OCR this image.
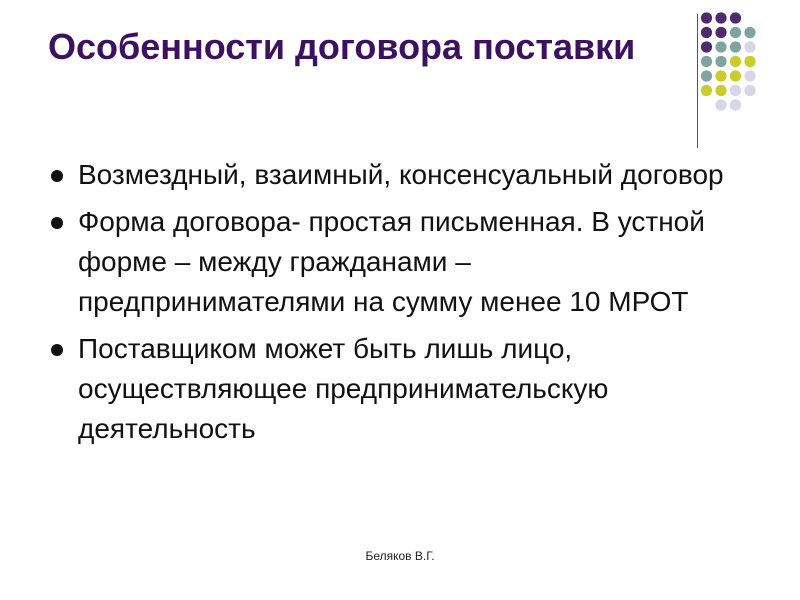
Особенности договора поставки
Возмездный, взаимный, консенсуальный договор
Форма договора- простая письменная. В устной форме – между гражданами – предпринимателями на сумму менее 10 МРОТ
Поставщиком может быть лишь лицо, осуществляющее предпринимательскую деятельность
Беляков В.Г.
